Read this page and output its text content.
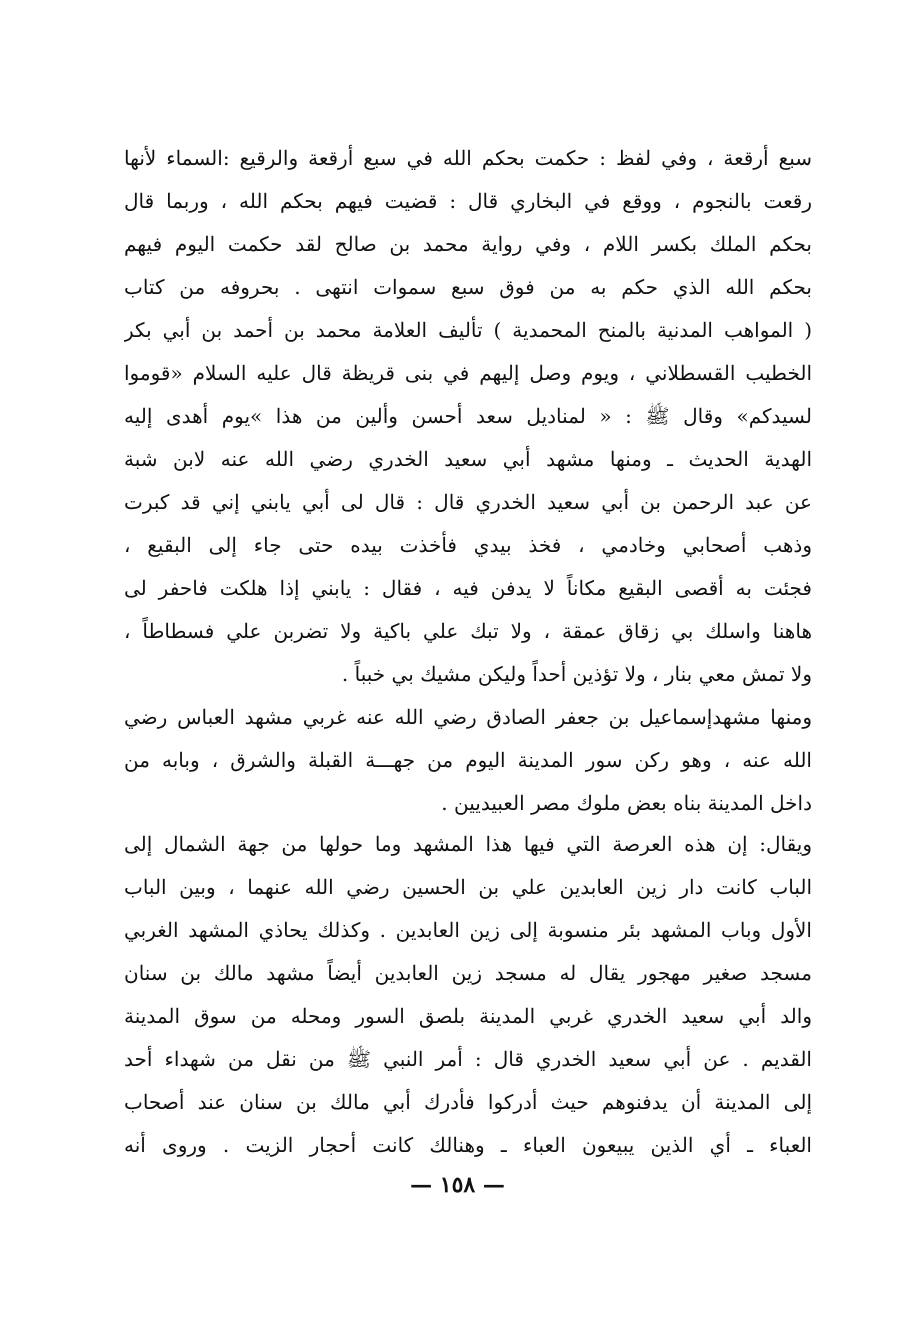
سبع أرقعة ، وفي لفظ : حكمت بحكم الله في سبع أرقعة والرقيع :السماء لأنها
رقعت بالنجوم ، ووقع في البخاري قال : قضيت فيهم بحكم الله ، وربما قال
بحكم الملك بكسر اللام ، وفي رواية محمد بن صالح لقد حكمت اليوم فيهم
بحكم الله الذي حكم به من فوق سبع سموات انتهى . بحروفه من كتاب
( المواهب المدنية بالمنح المحمدية ) تأليف العلامة محمد بن أحمد بن أبي بكر
الخطيب القسطلاني ، ويوم وصل إليهم في بنى قريظة قال عليه السلام «قوموا
لسيدكم» وقال ﷺ : « لمناديل سعد أحسن وألين من هذا »يوم أهدى إليه
الهدية الحديث ـ ومنها مشهد أبي سعيد الخدري رضي الله عنه لابن شبة
عن عبد الرحمن بن أبي سعيد الخدري قال : قال لى أبي يابني إني قد كبرت
وذهب أصحابي وخادمي ، فخذ بيدي فأخذت بيده حتى جاء إلى البقيع ،
فجئت به أقصى البقيع مكاناً لا يدفن فيه ، فقال : يابني إذا هلكت فاحفر لى
هاهنا واسلك بي زقاق عمقة ، ولا تبك علي باكية ولا تضربن علي فسطاطاً ،
ولا تمش معي بنار ، ولا تؤذين أحداً وليكن مشيك بي خبباً .
ومنها مشهدإسماعيل بن جعفر الصادق رضي الله عنه غربي مشهد العباس رضي
الله عنه ، وهو ركن سور المدينة اليوم من جهـــة القبلة والشرق ، وبابه من
داخل المدينة بناه بعض ملوك مصر العبيديين .
ويقال: إن هذه العرصة التي فيها هذا المشهد وما حولها من جهة الشمال إلى
الباب كانت دار زين العابدين علي بن الحسين رضي الله عنهما ، وبين الباب
الأول وباب المشهد بئر منسوبة إلى زين العابدين . وكذلك يحاذي المشهد الغربي
مسجد صغير مهجور يقال له مسجد زين العابدين أيضاً مشهد مالك بن سنان
والد أبي سعيد الخدري غربي المدينة بلصق السور ومحله من سوق المدينة
القديم . عن أبي سعيد الخدري قال : أمر النبي ﷺ من نقل من شهداء أحد
إلى المدينة أن يدفنوهم حيث أدركوا فأدرك أبي مالك بن سنان عند أصحاب
العباء ـ أي الذين يبيعون العباء ـ وهنالك كانت أحجار الزيت . وروى أنه
— ١٥٨ —
